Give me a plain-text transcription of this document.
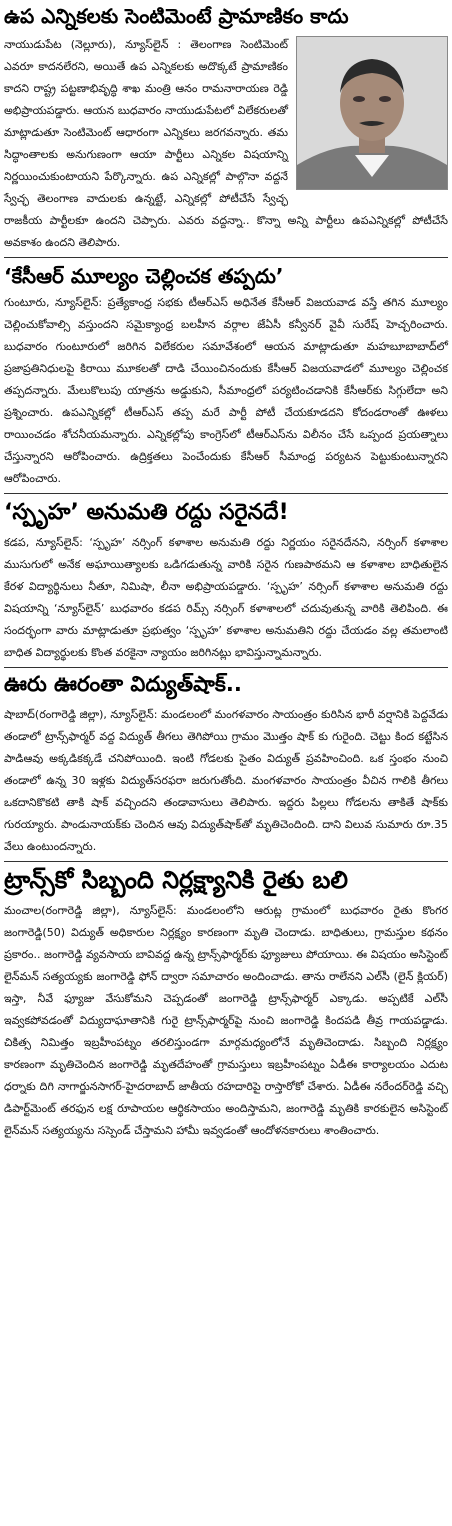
ఉప ఎన్నికలకు సెంటిమెంటే ప్రామాణికం కాదు

నాయుడుపేట (నెల్లూరు), న్యూస్‌లైన్ : తెలంగాణ సెంటిమెంట్ ఎవరూ కాదనలేరని, అయితే ఉప ఎన్నికలకు అదొక్కటే ప్రామాణికం కాదని రాష్ట్ర పట్టణాభివృద్ధి శాఖ మంత్రి ఆనం రామనారాయణ రెడ్డి అభిప్రాయపడ్డారు. ఆయన బుధవారం నాయుడుపేటలో విలేకరులతో మాట్లాడుతూ సెంటిమెంట్ ఆధారంగా ఎన్నికలు జరగవన్నారు. తమ సిద్ధాంతాలకు అనుగుణంగా ఆయా పార్టీలు ఎన్నికల విషయాన్ని నిర్ణయించుకుంటాయని పేర్కొన్నారు. ఉప ఎన్నికల్లో పాల్గొనా వద్దనే స్వేచ్ఛ తెలంగాణ వాదులకు ఉన్నట్టే, ఎన్నికల్లో పోటీచేసే స్వేచ్ఛ రాజకీయ పార్టీలకూ ఉందని చెప్పారు. ఎవరు వద్దన్నా.. కొన్నా అన్ని పార్టీలు ఉపఎన్నికల్లో పోటీచేసే అవకాశం ఉందని తెలిపారు.

‘కేసీఆర్ మూల్యం చెల్లించక తప్పదు’

గుంటూరు, న్యూస్‌లైన్: ప్రత్యేకాంధ్ర సభకు టీఆర్ఎస్ అధినేత కేసీఆర్ విజయవాడ వస్తే తగిన మూల్యం చెల్లించుకోవాల్సి వస్తుందని సమైక్యాంధ్ర బలహీన వర్గాల జేఏసీ కన్వీనర్ వైవీ సురేష్ హెచ్చరించారు. బుధవారం గుంటూరులో జరిగిన విలేకరుల సమావేశంలో ఆయన మాట్లాడుతూ మహబూబాబాద్‌లో ప్రజాప్రతినిధులపై కిరాయి మూకలతో దాడి చేయించినందుకు కేసీఆర్ విజయవాడలో మూల్యం చెల్లించక తప్పదన్నారు. మేలుకొలుపు యాత్రను అడ్డుకుని, సీమాంధ్రలో పర్యటించడానికి కేసీఆర్‌కు సిగ్గులేదా అని ప్రశ్నించారు. ఉపఎన్నికల్లో టీఆర్ఎస్ తప్ప మరే పార్టీ పోటీ చేయకూడదని కోదండరాంతో ఊళలు రాయించడం శోచనీయమన్నారు. ఎన్నికల్లోపు కాంగ్రెస్‌లో టీఆర్ఎస్‌ను విలీనం చేసే ఒప్పంద ప్రయత్నాలు చేస్తున్నారని ఆరోపించారు. ఉద్రిక్తతలు పెంచేందుకు కేసీఆర్ సీమాంధ్ర పర్యటన పెట్టుకుంటున్నారని ఆరోపించారు.

‘స్పృహ’ అనుమతి రద్దు సరైనదే!

కడప, న్యూస్‌లైన్: ‘స్పృహ’ నర్సింగ్ కళాశాల అనుమతి రద్దు నిర్ణయం సరైనదేనని, నర్సింగ్ కళాశాల ముసుగులో అనేక అఘాయిత్యాలకు ఒడిగడుతున్న వారికి సరైన గుణపాఠమని ఆ కళాశాల బాధితులైన కేరళ విద్యార్థినులు నీతూ, నిమిషా, లీనా అభిప్రాయపడ్డారు. ‘స్పృహ’ నర్సింగ్ కళాశాల అనుమతి రద్దు విషయాన్ని ‘న్యూస్‌లైన్’ బుధవారం కడప రిమ్స్ నర్సింగ్ కళాశాలలో చదువుతున్న వారికి తెలిపింది. ఈ సందర్భంగా వారు మాట్లాడుతూ ప్రభుత్వం ‘స్పృహ’ కళాశాల అనుమతిని రద్దు చేయడం వల్ల తమలాంటి బాధిత విద్యార్థులకు కొంత వరకైనా న్యాయం జరిగినట్లు భావిస్తున్నామన్నారు.

ఊరు ఊరంతా విద్యుత్‌షాక్..

షాబాద్(రంగారెడ్డి జిల్లా), న్యూస్‌లైన్: మండలంలో మంగళవారం సాయంత్రం కురిసిన భారీ వర్షానికి పెద్దవేడు తండాలో ట్రాన్స్‌ఫార్మర్ వద్ద విద్యుత్ తీగలు తెగిపోయి గ్రామం మొత్తం షాక్ కు గురైంది. చెట్టు కింద కట్టేసిన పాడిఆవు అక్కడికక్కడే చనిపోయింది. ఇంటి గోడలకు సైతం విద్యుత్ ప్రవహించింది. ఒక స్తంభం నుంచి తండాలో ఉన్న 30 ఇళ్లకు విద్యుత్‌సరఫరా జరుగుతోంది. మంగళవారం సాయంత్రం వీచిన గాలికి తీగలు ఒకదానికొకటి తాకి షాక్ వచ్చిందని తండావాసులు తెలిపారు. ఇద్దరు పిల్లలు గోడలను తాకితే షాక్‌కు గురయ్యారు. పాండునాయక్‌కు చెందిన ఆవు విద్యుత్‌షాక్‌తో మృతిచెందింది. దాని విలువ సుమారు రూ.35 వేలు ఉంటుందన్నారు.

ట్రాన్స్‌కో సిబ్బంది నిర్లక్ష్యానికి రైతు బలి

మంచాల(రంగారెడ్డి జిల్లా), న్యూస్‌లైన్: మండలంలోని ఆరుట్ల గ్రామంలో బుధవారం రైతు కొంగర జంగారెడ్డి(50) విద్యుత్ అధికారుల నిర్లక్ష్యం కారణంగా మృతి చెందాడు. బాధితులు, గ్రామస్తుల కథనం ప్రకారం.. జంగారెడ్డి వ్యవసాయ బావివద్ద ఉన్న ట్రాన్స్‌ఫార్మర్‌కు ఫ్యూజులు పోయాయి. ఈ విషయం అసిస్టెంట్ లైన్‌మన్ సత్యయ్యకు జంగారెడ్డి ఫోన్ ద్వారా సమాచారం అందించాడు. తాను రాలేనని ఎల్‌సీ (లైన్ క్లియర్) ఇస్తా, నీవే ఫ్యూజు వేసుకోమని చెప్పడంతో జంగారెడ్డి ట్రాన్స్‌ఫార్మర్ ఎక్కాడు. అప్పటికే ఎల్‌సీ ఇవ్వకపోవడంతో విద్యుదాఘాతానికి గురై ట్రాన్స్‌ఫార్మర్‌పై నుంచి జంగారెడ్డి కిందపడి తీవ్ర గాయపడ్డాడు. చికిత్స నిమిత్తం ఇబ్రహీంపట్నం తరలిస్తుండగా మార్గమధ్యంలోనే మృతిచెందాడు. సిబ్బంది నిర్లక్ష్యం కారణంగా మృతిచెందిన జంగారెడ్డి మృతదేహంతో గ్రామస్తులు ఇబ్రహీంపట్నం ఏడీఈ కార్యాలయం ఎదుట ధర్నాకు దిగి నాగార్జునసాగర్-హైదరాబాద్ జాతీయ రహదారిపై రాస్తారోకో చేశారు. ఏడీఈ నరేందర్‌రెడ్డి వచ్చి డిపార్ట్‌మెంట్ తరఫున లక్ష రూపాయల ఆర్థికసాయం అందిస్తామని, జంగారెడ్డి మృతికి కారకులైన అసిస్టెంట్ లైన్‌మన్ సత్యయ్యను సస్పెండ్ చేస్తామని హామీ ఇవ్వడంతో ఆందోళనకారులు శాంతించారు.
